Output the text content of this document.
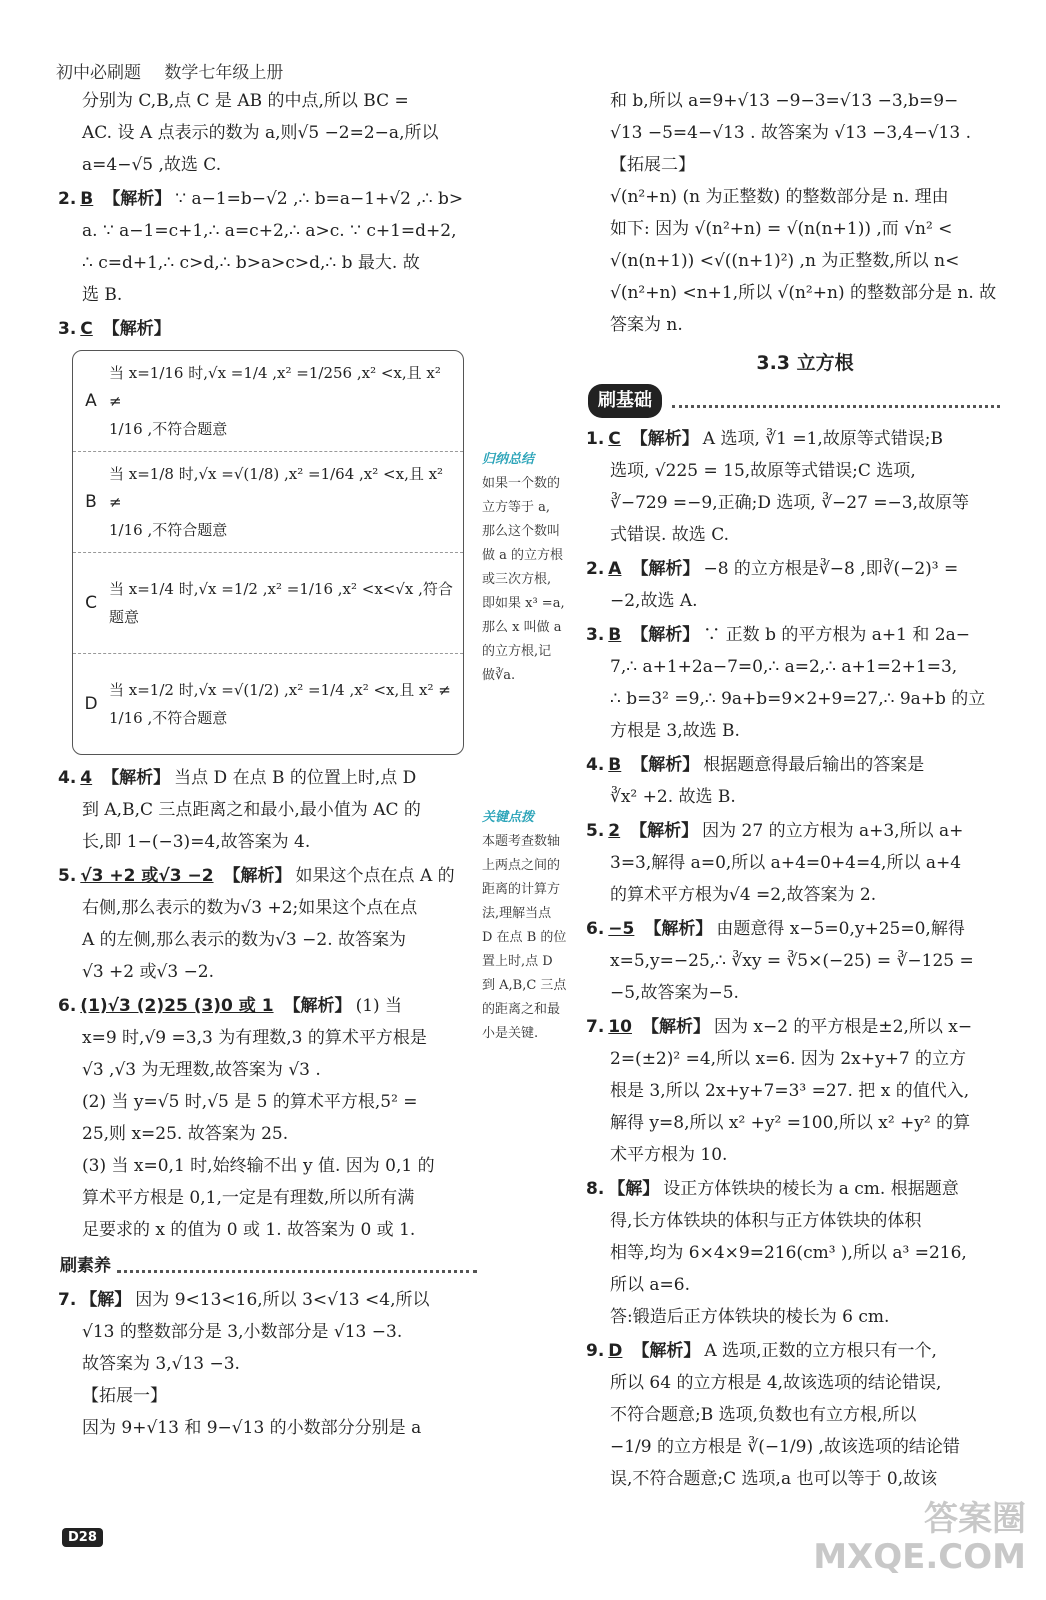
初中必刷题 数学七年级上册
分别为 C,B,点 C 是 AB 的中点,所以 BC =
AC. 设 A 点表示的数为 a,则√5 −2=2−a,所以
a=4−√5 ,故选 C.
2. B 【解析】 ∵ a−1=b−√2 ,∴ b=a−1+√2 ,∴ b>
a. ∵ a−1=c+1,∴ a=c+2,∴ a>c. ∵ c+1=d+2,
∴ c=d+1,∴ c>d,∴ b>a>c>d,∴ b 最大. 故
选 B.
3. C 【解析】
A
当 x=1/16 时,√x =1/4 ,x² =1/256 ,x² <x,且 x² ≠
1/16 ,不符合题意
B
当 x=1/8 时,√x =√(1/8) ,x² =1/64 ,x² <x,且 x² ≠
1/16 ,不符合题意
C
当 x=1/4 时,√x =1/2 ,x² =1/16 ,x² <x<√x ,符合
题意
D
当 x=1/2 时,√x =√(1/2) ,x² =1/4 ,x² <x,且 x² ≠
1/16 ,不符合题意
4. 4 【解析】 当点 D 在点 B 的位置上时,点 D
到 A,B,C 三点距离之和最小,最小值为 AC 的
长,即 1−(−3)=4,故答案为 4.
5. √3 +2 或√3 −2 【解析】 如果这个点在点 A 的
右侧,那么表示的数为√3 +2;如果这个点在点
A 的左侧,那么表示的数为√3 −2. 故答案为
√3 +2 或√3 −2.
6. (1)√3 (2)25 (3)0 或 1 【解析】 (1) 当
x=9 时,√9 =3,3 为有理数,3 的算术平方根是
√3 ,√3 为无理数,故答案为 √3 .
(2) 当 y=√5 时,√5 是 5 的算术平方根,5² =
25,则 x=25. 故答案为 25.
(3) 当 x=0,1 时,始终输不出 y 值. 因为 0,1 的
算术平方根是 0,1,一定是有理数,所以所有满
足要求的 x 的值为 0 或 1. 故答案为 0 或 1.
刷素养
7. 【解】 因为 9<13<16,所以 3<√13 <4,所以
√13 的整数部分是 3,小数部分是 √13 −3.
故答案为 3,√13 −3.
【拓展一】
因为 9+√13 和 9−√13 的小数部分分别是 a
归纳总结
如果一个数的
立方等于 a,
那么这个数叫
做 a 的立方根
或三次方根,
即如果 x³ =a,
那么 x 叫做 a
的立方根,记
做∛a.
关键点拨
本题考查数轴
上两点之间的
距离的计算方
法,理解当点
D 在点 B 的位
置上时,点 D
到 A,B,C 三点
的距离之和最
小是关键.
和 b,所以 a=9+√13 −9−3=√13 −3,b=9−
√13 −5=4−√13 . 故答案为 √13 −3,4−√13 .
【拓展二】
√(n²+n) (n 为正整数) 的整数部分是 n. 理由
如下: 因为 √(n²+n) = √(n(n+1)) ,而 √n² <
√(n(n+1)) <√((n+1)²) ,n 为正整数,所以 n<
√(n²+n) <n+1,所以 √(n²+n) 的整数部分是 n. 故
答案为 n.
3.3 立方根
刷基础
1. C 【解析】 A 选项, ∛1 =1,故原等式错误;B
选项, √225 = 15,故原等式错误;C 选项,
∛−729 =−9,正确;D 选项, ∛−27 =−3,故原等
式错误. 故选 C.
2. A 【解析】 −8 的立方根是∛−8 ,即∛(−2)³ =
−2,故选 A.
3. B 【解析】 ∵ 正数 b 的平方根为 a+1 和 2a−
7,∴ a+1+2a−7=0,∴ a=2,∴ a+1=2+1=3,
∴ b=3² =9,∴ 9a+b=9×2+9=27,∴ 9a+b 的立
方根是 3,故选 B.
4. B 【解析】 根据题意得最后输出的答案是
∛x² +2. 故选 B.
5. 2 【解析】 因为 27 的立方根为 a+3,所以 a+
3=3,解得 a=0,所以 a+4=0+4=4,所以 a+4
的算术平方根为√4 =2,故答案为 2.
6. −5 【解析】 由题意得 x−5=0,y+25=0,解得
x=5,y=−25,∴ ∛xy = ∛5×(−25) = ∛−125 =
−5,故答案为−5.
7. 10 【解析】 因为 x−2 的平方根是±2,所以 x−
2=(±2)² =4,所以 x=6. 因为 2x+y+7 的立方
根是 3,所以 2x+y+7=3³ =27. 把 x 的值代入,
解得 y=8,所以 x² +y² =100,所以 x² +y² 的算
术平方根为 10.
8. 【解】 设正方体铁块的棱长为 a cm. 根据题意
得,长方体铁块的体积与正方体铁块的体积
相等,均为 6×4×9=216(cm³ ),所以 a³ =216,
所以 a=6.
答:锻造后正方体铁块的棱长为 6 cm.
9. D 【解析】 A 选项,正数的立方根只有一个,
所以 64 的立方根是 4,故该选项的结论错误,
不符合题意;B 选项,负数也有立方根,所以
−1/9 的立方根是 ∛(−1/9) ,故该选项的结论错
误,不符合题意;C 选项,a 也可以等于 0,故该
D28	答案圈
MXQE.COM
